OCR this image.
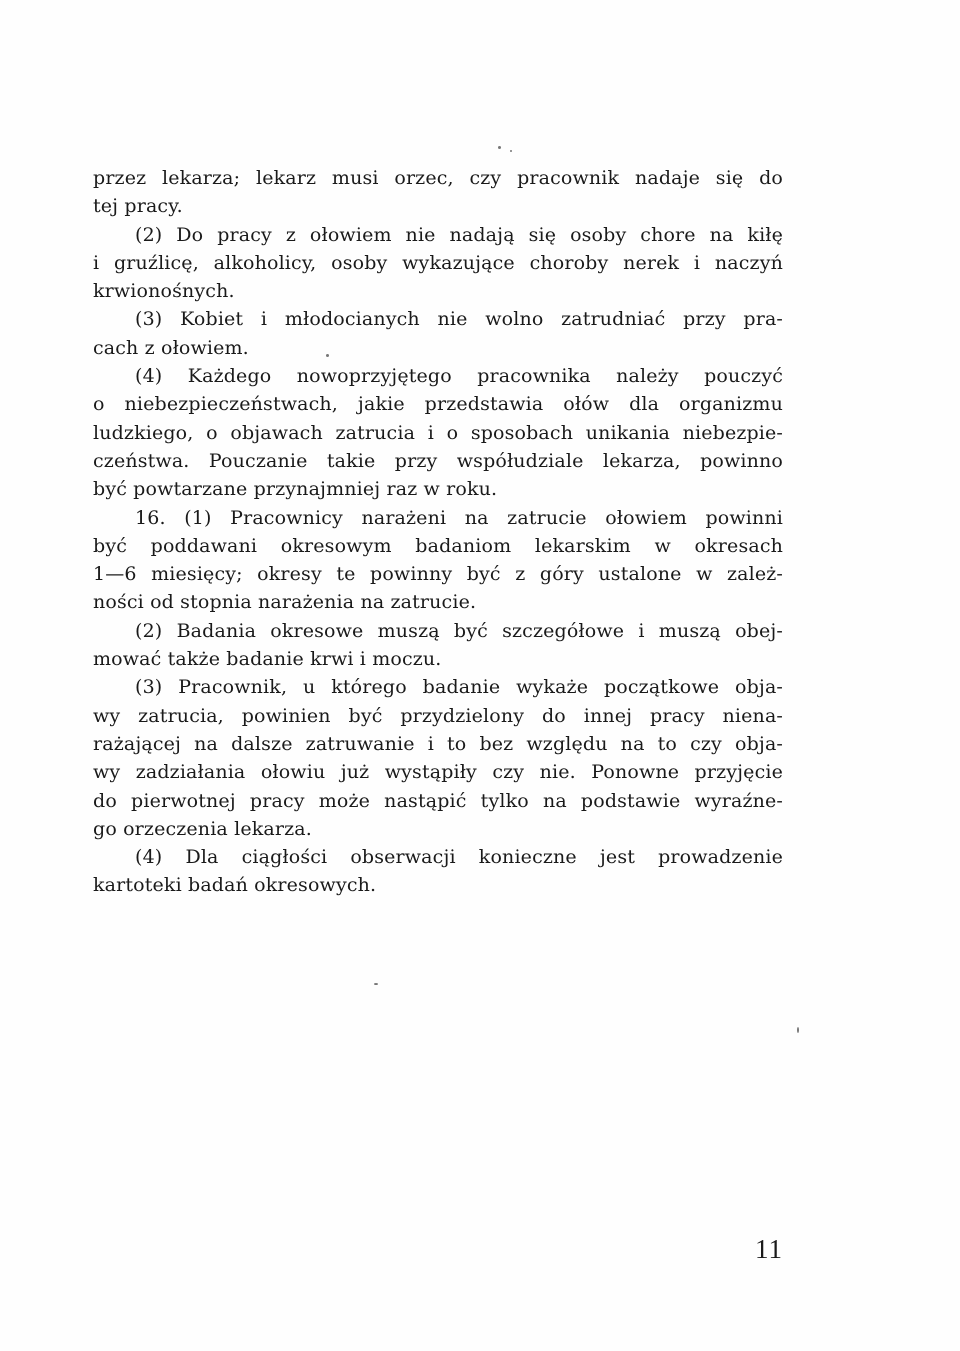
przez lekarza; lekarz musi orzec, czy pracownik nadaje się do
tej pracy.
(2) Do pracy z ołowiem nie nadają się osoby chore na kiłę
i gruźlicę, alkoholicy, osoby wykazujące choroby nerek i naczyń
krwionośnych.
(3) Kobiet i młodocianych nie wolno zatrudniać przy pra-
cach z ołowiem.
(4) Każdego nowoprzyjętego pracownika należy pouczyć
o niebezpieczeństwach, jakie przedstawia ołów dla organizmu
ludzkiego, o objawach zatrucia i o sposobach unikania niebezpie-
czeństwa. Pouczanie takie przy współudziale lekarza, powinno
być powtarzane przynajmniej raz w roku.
16. (1) Pracownicy narażeni na zatrucie ołowiem powinni
być poddawani okresowym badaniom lekarskim w okresach
1—6 miesięcy; okresy te powinny być z góry ustalone w zależ-
ności od stopnia narażenia na zatrucie.
(2) Badania okresowe muszą być szczegółowe i muszą obej-
mować także badanie krwi i moczu.
(3) Pracownik, u którego badanie wykaże początkowe obja-
wy zatrucia, powinien być przydzielony do innej pracy niena-
rażającej na dalsze zatruwanie i to bez względu na to czy obja-
wy zadziałania ołowiu już wystąpiły czy nie. Ponowne przyjęcie
do pierwotnej pracy może nastąpić tylko na podstawie wyraźne-
go orzeczenia lekarza.
(4) Dla ciągłości obserwacji konieczne jest prowadzenie
kartoteki badań okresowych.
11
